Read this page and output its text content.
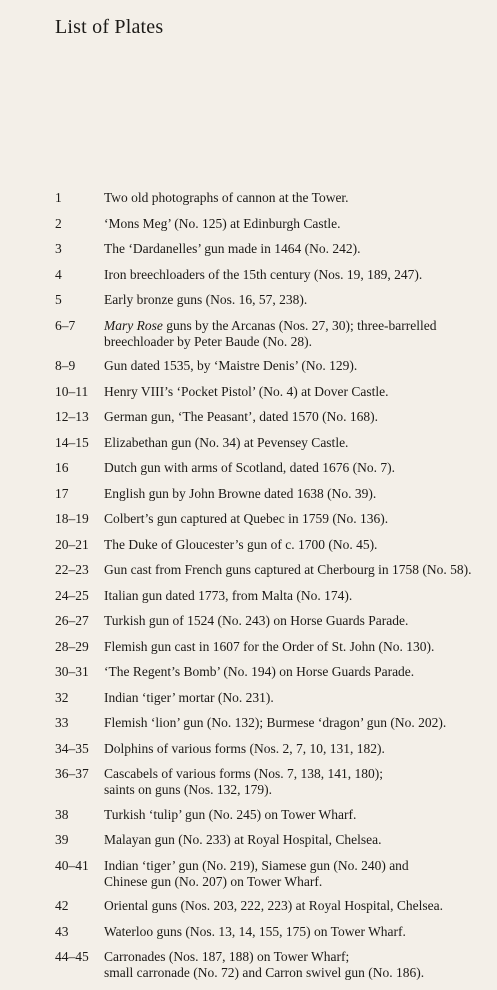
List of Plates
1	Two old photographs of cannon at the Tower.
2	‘Mons Meg’ (No. 125) at Edinburgh Castle.
3	The ‘Dardanelles’ gun made in 1464 (No. 242).
4	Iron breechloaders of the 15th century (Nos. 19, 189, 247).
5	Early bronze guns (Nos. 16, 57, 238).
6–7	Mary Rose guns by the Arcanas (Nos. 27, 30); three-barrelled
breechloader by Peter Baude (No. 28).
8–9	Gun dated 1535, by ‘Maistre Denis’ (No. 129).
10–11	Henry VIII’s ‘Pocket Pistol’ (No. 4) at Dover Castle.
12–13	German gun, ‘The Peasant’, dated 1570 (No. 168).
14–15	Elizabethan gun (No. 34) at Pevensey Castle.
16	Dutch gun with arms of Scotland, dated 1676 (No. 7).
17	English gun by John Browne dated 1638 (No. 39).
18–19	Colbert’s gun captured at Quebec in 1759 (No. 136).
20–21	The Duke of Gloucester’s gun of c. 1700 (No. 45).
22–23	Gun cast from French guns captured at Cherbourg in 1758 (No. 58).
24–25	Italian gun dated 1773, from Malta (No. 174).
26–27	Turkish gun of 1524 (No. 243) on Horse Guards Parade.
28–29	Flemish gun cast in 1607 for the Order of St. John (No. 130).
30–31	‘The Regent’s Bomb’ (No. 194) on Horse Guards Parade.
32	Indian ‘tiger’ mortar (No. 231).
33	Flemish ‘lion’ gun (No. 132); Burmese ‘dragon’ gun (No. 202).
34–35	Dolphins of various forms (Nos. 2, 7, 10, 131, 182).
36–37	Cascabels of various forms (Nos. 7, 138, 141, 180);
saints on guns (Nos. 132, 179).
38	Turkish ‘tulip’ gun (No. 245) on Tower Wharf.
39	Malayan gun (No. 233) at Royal Hospital, Chelsea.
40–41	Indian ‘tiger’ gun (No. 219), Siamese gun (No. 240) and
Chinese gun (No. 207) on Tower Wharf.
42	Oriental guns (Nos. 203, 222, 223) at Royal Hospital, Chelsea.
43	Waterloo guns (Nos. 13, 14, 155, 175) on Tower Wharf.
44–45	Carronades (Nos. 187, 188) on Tower Wharf;
small carronade (No. 72) and Carron swivel gun (No. 186).
